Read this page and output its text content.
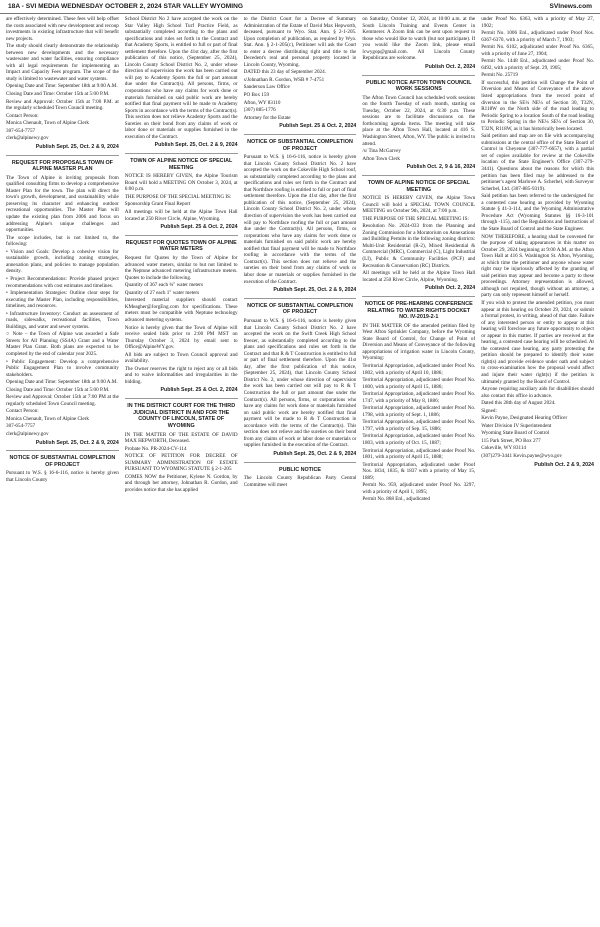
18A - SVI MEDIA WEDNESDAY OCTOBER 2, 2024 STAR VALLEY WYOMING	SVInews.com
are effectively determined. These fees will help offset the costs associated with new development and recoup investments in existing infrastructure that will benefit new projects.
The study should clearly demonstrate the relationship between new developments and the necessary wastewater and water facilities, ensuring compliance with all legal requirements for implementing an Impact and Capacity Fees program. The scope of the study is limited to wastewater and water systems.
Opening Date and Time: September 18th at 9:00 A.M.
Closing Date and Time: October 15th at 5:00 P.M.
Review and Approval: October 15th at 7:00 P.M. at the regularly scheduled Town Council meeting.
Contact Person:
Monica Chenault, Town of Alpine Clerk
307-654-7757
clerk@alpinewy.gov
Publish Sept. 25, Oct. 2 & 9, 2024
REQUEST FOR PROPOSALS TOWN OF ALPINE MASTER PLAN
The Town of Alpine is inviting proposals from qualified consulting firms to develop a comprehensive Master Plan for the town. The plan will direct the town's growth, development, and sustainability while preserving its character and enhancing outdoor recreational opportunities. The Master Plan will update the existing plan from 2006 and focus on addressing Alpine's unique challenges and opportunities.
The scope includes, but is not limited to, the following:
• Vision and Goals: Develop a cohesive vision for sustainable growth, including zoning strategies, annexation plans, and policies to manage population density.
• Project Recommendations: Provide phased project recommendations with cost estimates and timelines.
• Implementation Strategies: Outline clear steps for executing the Master Plan, including responsibilities, timelines, and resources.
• Infrastructure Inventory: Conduct an assessment of roads, sidewalks, recreational facilities, Town Buildings, and water and sewer systems.
○ Note – the Town of Alpine was awarded a Safe Streets for All Planning (SS4A) Grant and a Water Master Plan Grant. Both plans are expected to be completed by the end of calendar year 2025.
• Public Engagement: Develop a comprehensive Public Engagement Plan to involve community stakeholders.
Opening Date and Time: September 18th at 9:00 A.M.
Closing Date and Time: October 15th at 5:00 P.M.
Review and Approval: October 15th at 7:00 PM at the regularly scheduled Town Council meeting.
Contact Person:
Monica Chenault, Town of Alpine Clerk
307-654-7757
clerk@alpinewy.gov
Publish Sept. 25, Oct. 2 & 9, 2024
NOTICE OF SUBSTANTIAL COMPLETION OF PROJECT
Pursuant to W.S. § 16-6-116, notice is hereby given that Lincoln County
School District No 2 have accepted the work on the Star Valley High School Turf Practice Field, as substantially completed according to the plans and specifications and rules set forth in the Contract and that Academy Sports, is entitled to full or part of final settlement therefore. Upon the 41st day, after the first publication of this notice, (September 25, 2024), Lincoln County School District No. 2, under whose direction of supervision the work has been carried out will pay to Academy Sports the full or part amount due under the Contract(s). All persons, firms, or corporations who have any claims for work done or materials furnished on said public work are hereby notified that final payment will be made to Academy Sports in accordance with the terms of the Contract(s). This section does not relieve Academy Sports and the Sureties on their bond from any claims of work or labor done or materials or supplies furnished in the execution of the Contract.
Publish Sept. 25, Oct. 2 & 9, 2024
TOWN OF ALPINE NOTICE OF SPECIAL MEETING
NOTICE IS HEREBY GIVEN, the Alpine Tourism Board will hold a MEETING ON October 3, 2024, at 6:00 p.m.
THE PURPOSE OF THE SPECIAL MEETING IS:
Sponsorship Grant Final Report
All meetings will be held at the Alpine Town Hall located at 250 River Circle, Alpine, Wyoming.
Publish Sept. 25 & Oct. 2, 2024
REQUEST FOR QUOTES TOWN OF ALPINE WATER METERS
Request for Quotes by the Town of Alpine for advanced water meters, similar to but not limited to the Neptune advanced metering infrastructure meters. Quotes to include the following.
Quantity of 367 each ¾" water meters
Quantity of 27 each 1" water meters
Interested material suppliers should contact KMeagher@JorgEng.com for specifications. These meters must be compatible with Neptune technology advanced metering systems.
Notice is hereby given that the Town of Alpine will receive sealed bids prior to 2:00 PM MST on Thursday October 3, 2024 by email sent to Office@AlpineWY.gov.
All bids are subject to Town Council approval and availability.
The Owner reserves the right to reject any or all bids and to waive informalities and irregularities in the bidding.
Publish Sept. 25 & Oct. 2, 2024
IN THE DISTRICT COURT FOR THE THIRD JUDICIAL DISTRICT IN AND FOR THE COUNTY OF LINCOLN, STATE OF WYOMING
IN THE MATTER OF THE ESTATE OF DAVID MAX HEPWORTH, Deceased.
Probate No. PR-2024-CV-114
NOTICE OF PETITION FOR DECREE OF SUMMARY ADMINISTRATION OF ESTATE PURSUANT TO WYOMING STATUTE § 2-1-205
COMES NOW the Petitioner, Kylene N. Gordon, by and through her attorney, Johnathan R. Gordon, and provides notice that she has applied
to the District Court for a Decree of Summary Administration of the Estate of David Max Hepworth, deceased, pursuant to Wyo. Stat. Ann. § 2-1-205. Upon completion of publication, as required by Wyo. Stat. Ann. § 2-1-205(c), Petitioner will ask the Court to enter a decree distributing right and title to the Decedent's real and personal property located in Lincoln County, Wyoming.
DATED this 23 day of September 2024.
s/Johnathan R. Gordon, WSB # 7-4751
Sanderson Law Office
PO Box 159
Afton, WY 83110
(307) 885-1776
Attorney for the Estate
Publish Sept. 25 & Oct. 2, 2024
NOTICE OF SUBSTANTIAL COMPLETION OF PROJECT
Pursuant to W.S. § 16-6-116, notice is hereby given that Lincoln County School District No. 2 have accepted the work on the Cokeville High School roof, as substantially completed according to the plans and specifications and rules set forth in the Contract and that Northface roofing is entitled to full or part of final settlement therefore. Upon the 41st day, after the first publication of this notice, (September 25, 2024), Lincoln County School District No. 2, under whose direction of supervision the work has been carried out will pay to Northface roofing the full or part amount due under the Contract(s). All persons, firms, or corporations who have any claims for work done or materials furnished on said public work are hereby notified that final payment will be made to Northface roofing in accordance with the terms of the Contract(s). This section does not relieve and the sureties on their bond from any claims of work or labor done or materials or supplies furnished in the execution of the Contract.
Publish Sept. 25, Oct. 2 & 9, 2024
NOTICE OF SUBSTANTIAL COMPLETION OF PROJECT
Pursuant to W.S. § 16-6-116, notice is hereby given that Lincoln County School District No. 2 have accepted the work on the Swift Creek High School freezer, as substantially completed according to the plans and specifications and rules set forth in the Contract and that R & T Construction is entitled to full or part of final settlement therefore. Upon the 41st day, after the first publication of this notice, (September 25, 2024), that Lincoln County School District No. 2, under whose direction of supervision the work has been carried out will pay to R & T Construction the full or part amount due under the Contract(s). All persons, firms, or corporations who have any claims for work done or materials furnished on said public work are hereby notified that final payment will be made to R & T Construction in accordance with the terms of the Contract(s). This section does not relieve and the sureties on their bond from any claims of work or labor done or materials or supplies furnished in the execution of the Contract.
Publish Sept. 25, Oct. 2 & 9, 2024
PUBLIC NOTICE
The Lincoln County Republican Party Central Committee will meet
on Saturday, October 12, 2024, at 10:00 a.m. at the South Lincoln Training and Events Center in Kemmerer. A Zoom link can be sent upon request to those who would like to watch (but not participate). If you would like the Zoom link, please email lcwygop@gmail.com. All Lincoln County Republicans are welcome.
Publish Oct. 2, 2024
PUBLIC NOTICE AFTON TOWN COUNCIL WORK SESSIONS
The Afton Town Council has scheduled work sessions on the fourth Tuesday of each month, starting on Tuesday, October 22, 2024, at 6:30 p.m. These sessions are to facilitate discussions on the forthcoming agenda items. The meeting will take place at the Afton Town Hall, located at 416 S. Washington Street, Afton, WY. The public is invited to attend.
/s/ Tina McGarvey
Afton Town Clerk
Publish Oct. 2, 9 & 16, 2024
TOWN OF ALPINE NOTICE OF SPECIAL MEETING
NOTICE IS HEREBY GIVEN, the Alpine Town Council will hold a SPECIAL TOWN COUNCIL MEETING on October 9th, 2024, at 7:00 p.m.
THE PURPOSE OF THE SPECIAL MEETING IS:
Resolution No. 2024-033 from the Planning and Zoning Commission for a Moratorium on Annexations and Building Permits in the following zoning districts: Multi-Unit Residential (R-2), Mixed Residential & Commercial (MRC), Commercial (C), Light Industrial (LI), Public & Community Facilities (PCF) and Recreation & Conservation (RC) Districts.
All meetings will be held at the Alpine Town Hall located at 250 River Circle, Alpine, Wyoming.
Publish Oct. 2, 2024
NOTICE OF PRE-HEARING CONFERENCE RELATING TO WATER RIGHTS DOCKET NO. IV-2019-2-1
IN THE MATTER OF the amended petition filed by West Afton Sprinkler Company, before the Wyoming State Board of Control, for Change of Point of Diversion and Means of Conveyance of the following appropriations of irrigation water in Lincoln County, Wyoming:
Territorial Appropriation, adjudicated under Proof No. 1802, with a priority of April 10, 1886;
Territorial Appropriation, adjudicated under Proof No. 1800, with a priority of April 15, 1886;
Territorial Appropriation, adjudicated under Proof No. 1747, with a priority of May 8, 1886;
Territorial Appropriation, adjudicated under Proof No. 1798, with a priority of Sept. 1, 1886;
Territorial Appropriation, adjudicated under Proof No. 1797, with a priority of Sep. 15, 1886;
Territorial Appropriation, adjudicated under Proof No. 1803, with a priority of Oct. 15, 1887;
Territorial Appropriation, adjudicated under Proof No. 1801, with a priority of April 15, 1888;
Territorial Appropriation, adjudicated under Proof Nos. 1834, 1835, & 1837 with a priority of May 15, 1889;
Permit No. 959, adjudicated under Proof No. 3297, with a priority of April 1, 1895;
Permit No. 868 Enl., adjudicated
under Proof No. 6363, with a priority of May 27, 1902;
Permit No. 1006 Enl., adjudicated under Proof Nos. 6367-6370, with a priority of March 7, 1903;
Permit No. 6102, adjudicated under Proof No. 6365, with a priority of June 27, 1904;
Permit No. 1448 Enl., adjudicated under Proof No. 6492, with a priority of Sept. 29, 1905;
Permit No. 25719
If successful, this petition will Change the Point of Diversion and Means of Conveyance of the above listed appropriations from the record point of diversion in the SE¼ NE¼ of Section 30, T32N, R118W on the North side of the road leading to Periodic Spring to a location South of the road leading to Periodic Spring in the NE¼ SE¼ of Section 30, T32N, R118W, as it has historically been located.
Said petition and map are on file with accompanying submissions at the central office of the State Board of Control in Cheyenne (307-777-6657), with a partial set of copies available for review at the Cokeville location of the State Engineer's Office (307-279-3441). Questions about the reasons for which this petition has been filed may be addressed to the petitioner's agent Marlowe A. Scherbel, with Surveyor Scherbel, Ltd. (307-885-9319).
Said petition has been referred to the undersigned for a contested case hearing as provided by Wyoming Statute § 41-3-114, and the Wyoming Administrative Procedure Act (Wyoming Statutes §§ 16-3-101 through -115), and the Regulations and Instructions of the State Board of Control and the State Engineer.
NOW THEREFORE, a hearing shall be convened for the purpose of taking appearances in this matter on October 29, 2024 beginning at 9:00 A.M. at the Afton Town Hall at 416 S. Washington St. Afton, Wyoming, at which time the petitioner and anyone whose water right may be injuriously affected by the granting of said petition may appear and become a party to these proceedings. Attorney representation is allowed, although not required, though without an attorney, a party can only represent himself or herself.
If you wish to protest the amended petition, you must appear at this hearing on October 29, 2024, or submit a formal protest, in writing, ahead of that date. Failure of any interested person or entity to appear at this hearing will foreclose any future opportunity to object or appear in this matter. If parties are received at the hearing, a contested case hearing will be scheduled. At the contested case hearing, any party protesting the petition should be prepared to identify their water right(s) and provide evidence under oath and subject to cross-examination how the proposal would affect and injure their water right(s) if the petition is ultimately granted by the Board of Control.
Anyone requiring auxiliary aids for disabilities should also contact this office in advance.
Dated this 28th day of August 2024.
Signed:
Kevin Payne, Designated Hearing Officer
Water Division IV Superintendent
Wyoming State Board of Control
115 Park Street, PO Box 277
Cokeville, WY 83114
(307)279-3441 Kevin.payne@wyo.gov
Publish Oct. 2 & 9, 2024
